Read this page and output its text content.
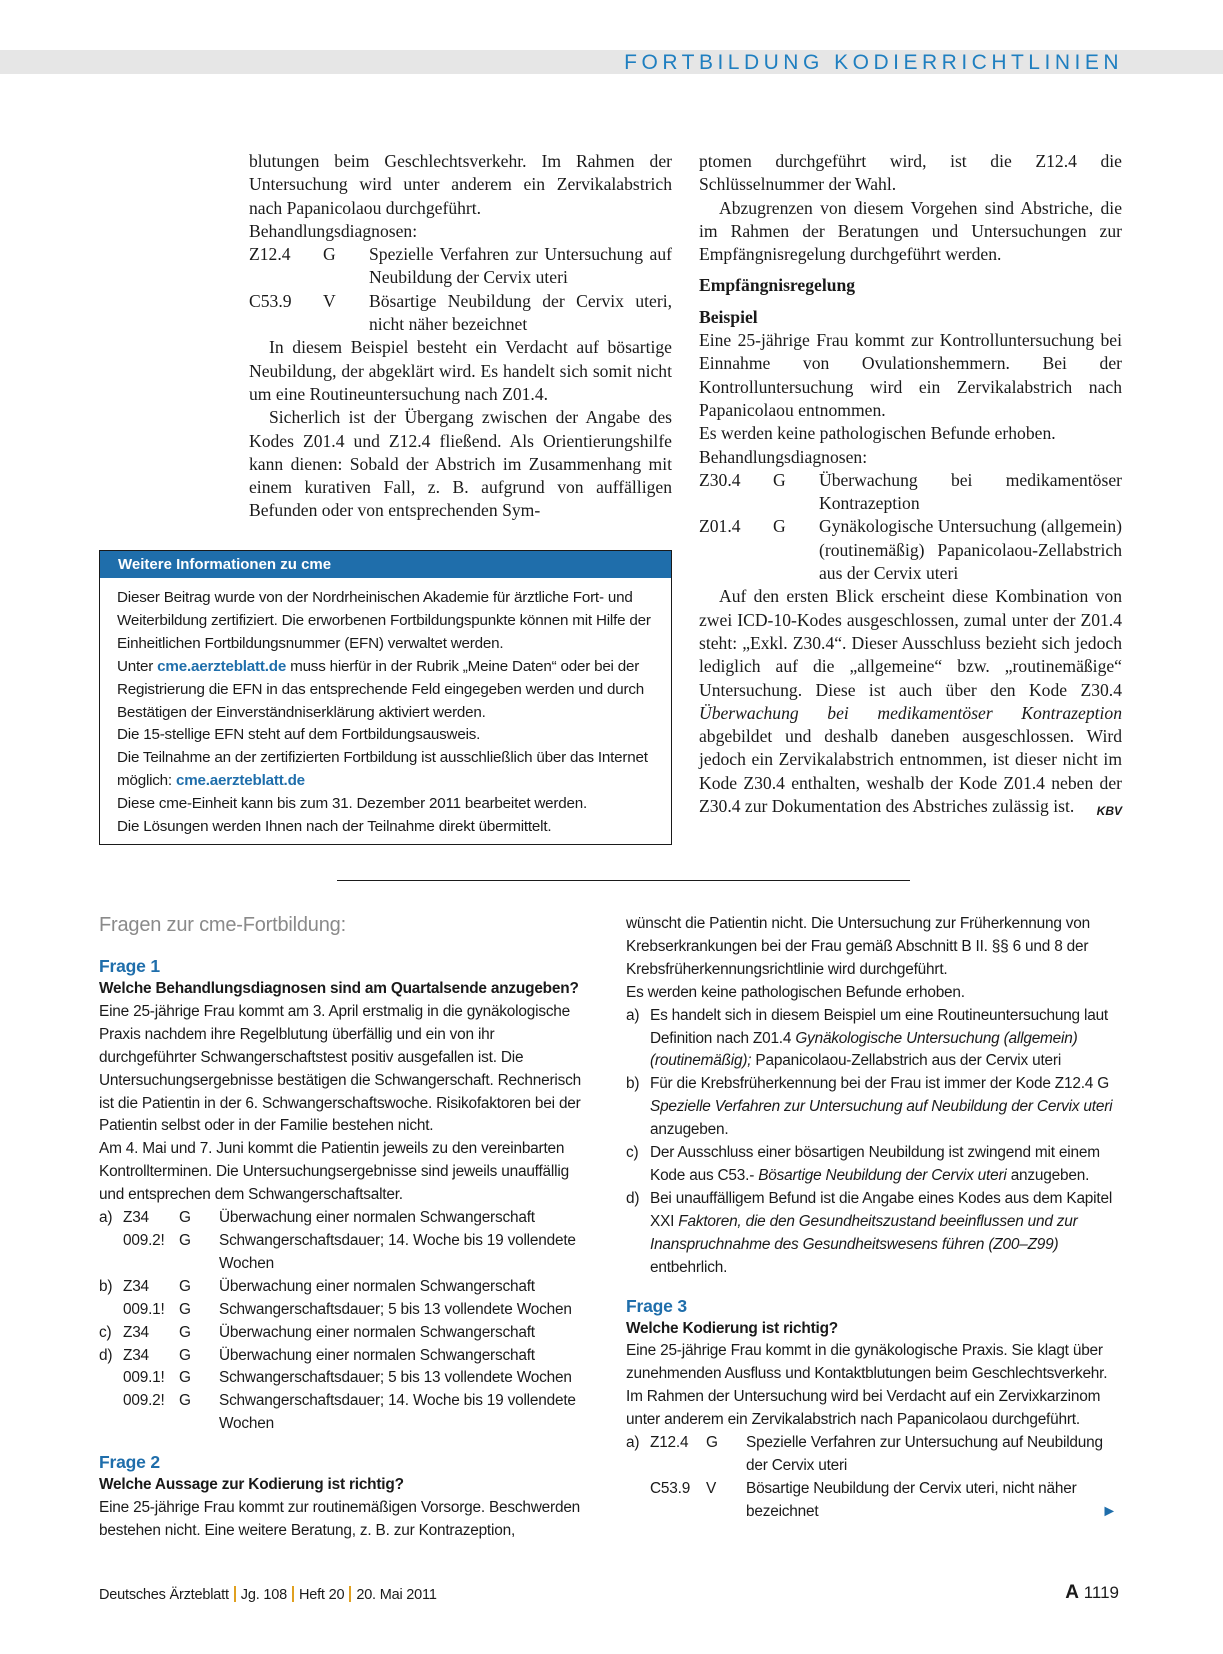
FORTBILDUNG KODIERRICHTLINIEN

blutungen beim Geschlechtsverkehr. Im Rahmen der Untersuchung wird unter anderem ein Zervikalabstrich nach Papanicolaou durchgeführt.

Behandlungsdiagnosen:

Z12.4	G	Spezielle Verfahren zur Untersuchung auf Neubildung der Cervix uteri
C53.9	V	Bösartige Neubildung der Cervix uteri, nicht näher bezeichnet

In diesem Beispiel besteht ein Verdacht auf bösartige Neubildung, der abgeklärt wird. Es handelt sich somit nicht um eine Routineuntersuchung nach Z01.4.

Sicherlich ist der Übergang zwischen der Angabe des Kodes Z01.4 und Z12.4 fließend. Als Orientierungshilfe kann dienen: Sobald der Abstrich im Zusammenhang mit einem kurativen Fall, z. B. aufgrund von auffälligen Befunden oder von entsprechenden Sym-

ptomen durchgeführt wird, ist die Z12.4 die Schlüsselnummer der Wahl.

Abzugrenzen von diesem Vorgehen sind Abstriche, die im Rahmen der Beratungen und Untersuchungen zur Empfängnisregelung durchgeführt werden.

Empfängnisregelung

Beispiel

Eine 25-jährige Frau kommt zur Kontrolluntersuchung bei Einnahme von Ovulationshemmern. Bei der Kontrolluntersuchung wird ein Zervikalabstrich nach Papanicolaou entnommen.

Es werden keine pathologischen Befunde erhoben.

Behandlungsdiagnosen:

Z30.4	G	Überwachung bei medikamentöser Kontrazeption
Z01.4	G	Gynäkologische Untersuchung (allgemein) (routinemäßig) Papanicolaou-Zellabstrich aus der Cervix uteri

Auf den ersten Blick erscheint diese Kombination von zwei ICD-10-Kodes ausgeschlossen, zumal unter der Z01.4 steht: „Exkl. Z30.4“. Dieser Ausschluss bezieht sich jedoch lediglich auf die „allgemeine“ bzw. „routinemäßige“ Untersuchung. Diese ist auch über den Kode Z30.4 Überwachung bei medikamentöser Kontrazeption abgebildet und deshalb daneben ausgeschlossen. Wird jedoch ein Zervikalabstrich entnommen, ist dieser nicht im Kode Z30.4 enthalten, weshalb der Kode Z01.4 neben der Z30.4 zur Dokumentation des Abstriches zulässig ist.	KBV

Weitere Informationen zu cme

Dieser Beitrag wurde von der Nordrheinischen Akademie für ärztliche Fort- und Weiterbildung zertifiziert. Die erworbenen Fortbildungspunkte können mit Hilfe der Einheitlichen Fortbildungsnummer (EFN) verwaltet werden.

Unter cme.aerzteblatt.de muss hierfür in der Rubrik „Meine Daten“ oder bei der Registrierung die EFN in das entsprechende Feld eingegeben werden und durch Bestätigen der Einverständniserklärung aktiviert werden.

Die 15-stellige EFN steht auf dem Fortbildungsausweis.

Die Teilnahme an der zertifizierten Fortbildung ist ausschließlich über das Internet möglich: cme.aerzteblatt.de

Diese cme-Einheit kann bis zum 31. Dezember 2011 bearbeitet werden.

Die Lösungen werden Ihnen nach der Teilnahme direkt übermittelt.

Fragen zur cme-Fortbildung:

Frage 1

Welche Behandlungsdiagnosen sind am Quartalsende anzugeben?

Eine 25-jährige Frau kommt am 3. April erstmalig in die gynäkologische Praxis nachdem ihre Regelblutung überfällig und ein von ihr durchgeführter Schwangerschaftstest positiv ausgefallen ist. Die Untersuchungsergebnisse bestätigen die Schwangerschaft. Rechnerisch ist die Patientin in der 6. Schwangerschaftswoche. Risikofaktoren bei der Patientin selbst oder in der Familie bestehen nicht.

Am 4. Mai und 7. Juni kommt die Patientin jeweils zu den vereinbarten Kontrollterminen. Die Untersuchungsergebnisse sind jeweils unauffällig und entsprechen dem Schwangerschaftsalter.

a) Z34	G	Überwachung einer normalen Schwangerschaft
009.2! G	Schwangerschaftsdauer; 14. Woche bis 19 vollendete Wochen
b) Z34	G	Überwachung einer normalen Schwangerschaft
009.1! G	Schwangerschaftsdauer; 5 bis 13 vollendete Wochen
c) Z34	G	Überwachung einer normalen Schwangerschaft
d) Z34	G	Überwachung einer normalen Schwangerschaft
009.1! G	Schwangerschaftsdauer; 5 bis 13 vollendete Wochen
009.2! G	Schwangerschaftsdauer; 14. Woche bis 19 vollendete Wochen

Frage 2

Welche Aussage zur Kodierung ist richtig?

Eine 25-jährige Frau kommt zur routinemäßigen Vorsorge. Beschwerden bestehen nicht. Eine weitere Beratung, z. B. zur Kontrazeption,

wünscht die Patientin nicht. Die Untersuchung zur Früherkennung von Krebserkrankungen bei der Frau gemäß Abschnitt B II. §§ 6 und 8 der Krebsfrüherkennungsrichtlinie wird durchgeführt.

Es werden keine pathologischen Befunde erhoben.

a) Es handelt sich in diesem Beispiel um eine Routineuntersuchung laut Definition nach Z01.4 Gynäkologische Untersuchung (allgemein) (routinemäßig); Papanicolaou-Zellabstrich aus der Cervix uteri
b) Für die Krebsfrüherkennung bei der Frau ist immer der Kode Z12.4 G Spezielle Verfahren zur Untersuchung auf Neubildung der Cervix uteri anzugeben.
c) Der Ausschluss einer bösartigen Neubildung ist zwingend mit einem Kode aus C53.- Bösartige Neubildung der Cervix uteri anzugeben.
d) Bei unauffälligem Befund ist die Angabe eines Kodes aus dem Kapitel XXI Faktoren, die den Gesundheitszustand beeinflussen und zur Inanspruchnahme des Gesundheitswesens führen (Z00–Z99) entbehrlich.

Frage 3

Welche Kodierung ist richtig?

Eine 25-jährige Frau kommt in die gynäkologische Praxis. Sie klagt über zunehmenden Ausfluss und Kontaktblutungen beim Geschlechtsverkehr. Im Rahmen der Untersuchung wird bei Verdacht auf ein Zervixkarzinom unter anderem ein Zervikalabstrich nach Papanicolaou durchgeführt.

a) Z12.4	G	Spezielle Verfahren zur Untersuchung auf Neubildung der Cervix uteri
C53.9	V	Bösartige Neubildung der Cervix uteri, nicht näher bezeichnet	►
Deutsches Ärzteblatt Jg. 108 Heft 20 20. Mai 2011	A 1119
